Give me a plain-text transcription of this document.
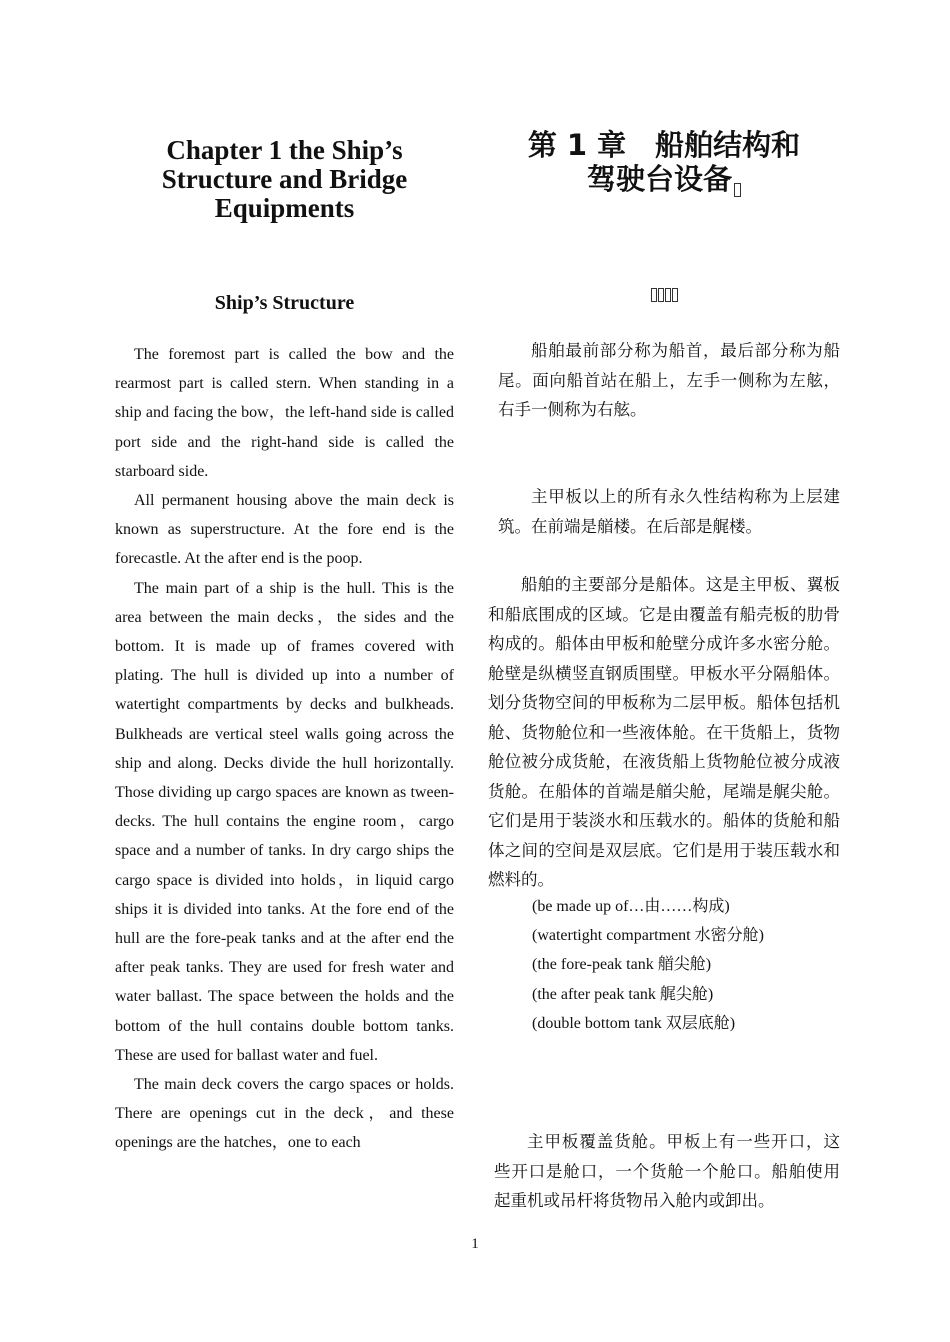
Chapter 1 the Ship’s Structure and Bridge Equipments
Ship’s Structure

The foremost part is called the bow and the rearmost part is called stern. When standing in a ship and facing the bow，the left-hand side is called port side and the right-hand side is called the starboard side.

All permanent housing above the main deck is known as superstructure. At the fore end is the forecastle. At the after end is the poop.

The main part of a ship is the hull. This is the area between the main decks，the sides and the bottom. It is made up of frames covered with plating. The hull is divided up into a number of watertight compartments by decks and bulkheads. Bulkheads are vertical steel walls going across the ship and along. Decks divide the hull horizontally. Those dividing up cargo spaces are known as tween-decks. The hull contains the engine room，cargo space and a number of tanks. In dry cargo ships the cargo space is divided into holds，in liquid cargo ships it is divided into tanks. At the fore end of the hull are the fore-peak tanks and at the after end the after peak tanks. They are used for fresh water and water ballast. The space between the holds and the bottom of the hull contains double bottom tanks. These are used for ballast water and fuel.

The main deck covers the cargo spaces or holds. There are openings cut in the deck，and these openings are the hatches，one to each

第 1 章　船舶结构和
驾驶台设备
船舶最前部分称为船首，最后部分称为船尾。面向船首站在船上，左手一侧称为左舷，右手一侧称为右舷。
主甲板以上的所有永久性结构称为上层建筑。在前端是艏楼。在后部是艉楼。
船舶的主要部分是船体。这是主甲板、翼板和船底围成的区域。它是由覆盖有船壳板的肋骨构成的。船体由甲板和舱壁分成许多水密分舱。舱壁是纵横竖直钢质围壁。甲板水平分隔船体。划分货物空间的甲板称为二层甲板。船体包括机舱、货物舱位和一些液体舱。在干货船上，货物舱位被分成货舱，在液货船上货物舱位被分成液货舱。在船体的首端是艏尖舱，尾端是艉尖舱。它们是用于装淡水和压载水的。船体的货舱和船体之间的空间是双层底。它们是用于装压载水和燃料的。
(be made up of…由……构成)
(watertight compartment 水密分舱)
(the fore-peak tank 艏尖舱)
(the after peak tank 艉尖舱)
(double bottom tank 双层底舱)
主甲板覆盖货舱。甲板上有一些开口，这些开口是舱口，一个货舱一个舱口。船舶使用起重机或吊杆将货物吊入舱内或卸出。
1
